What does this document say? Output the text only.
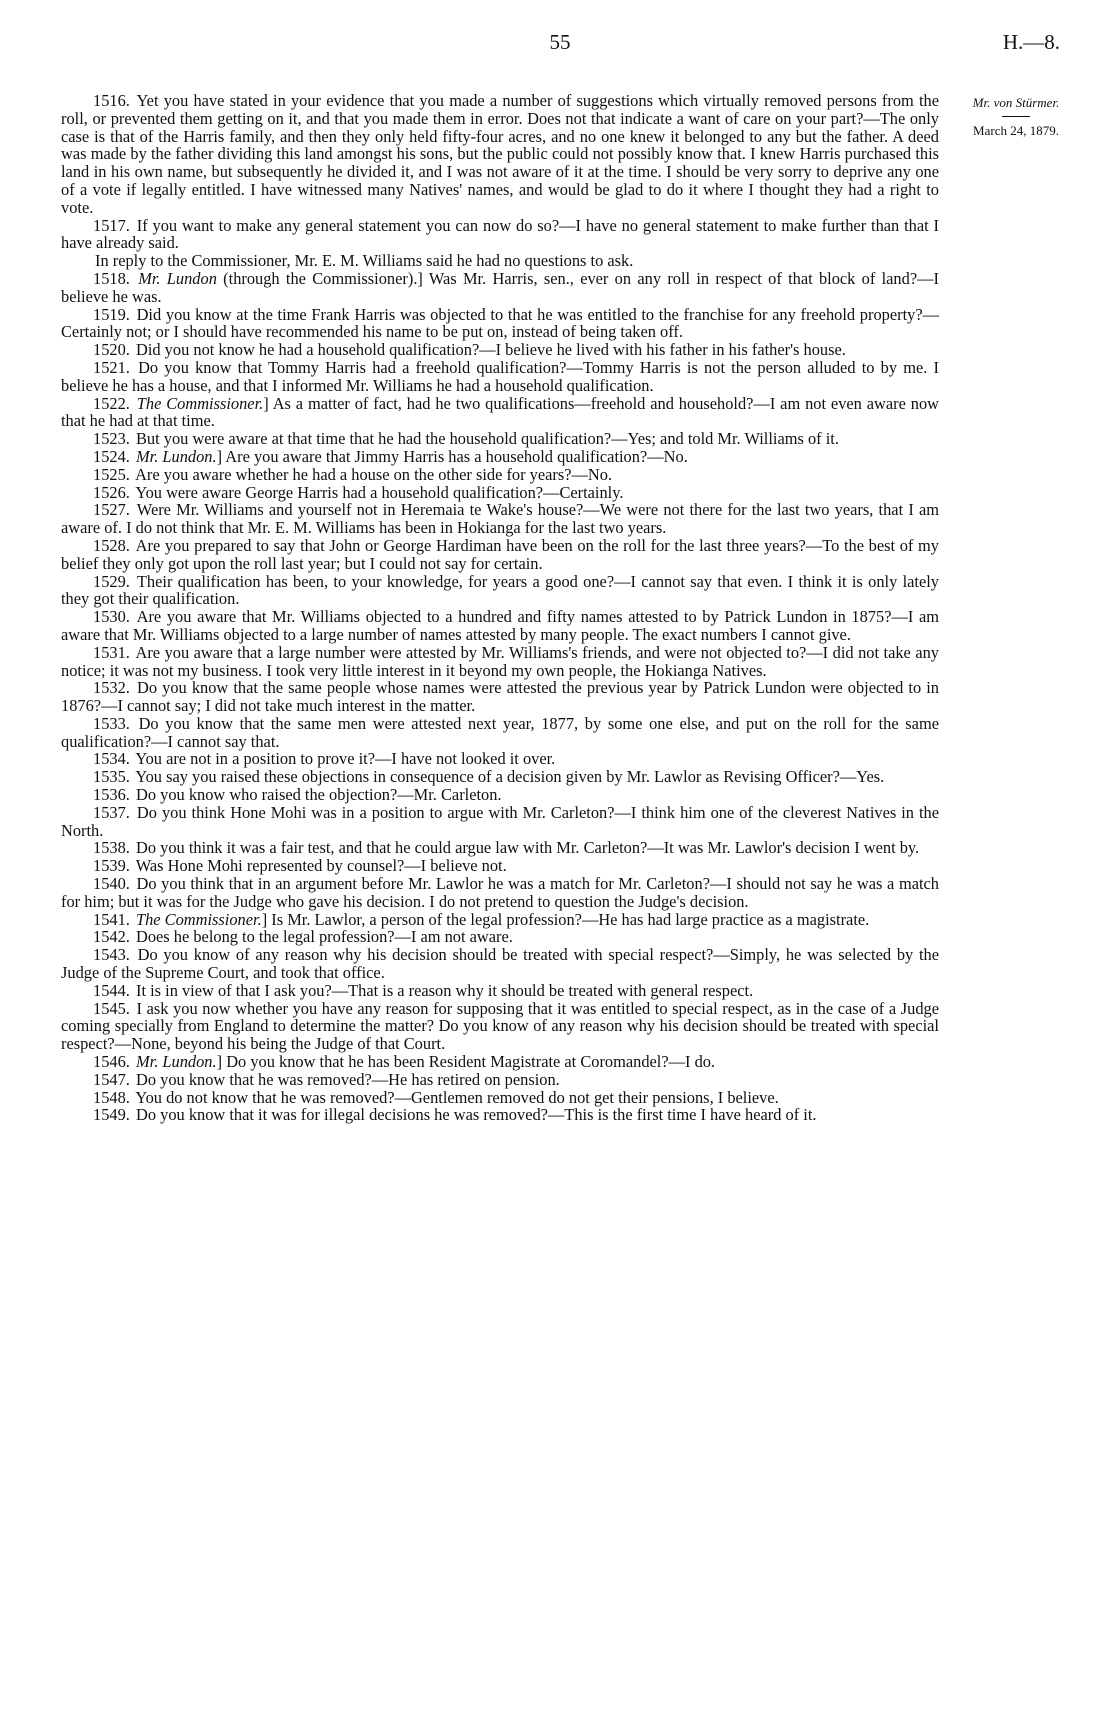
55	H.—8.
Mr. von Stürmer.
March 24, 1879.

1516. Yet you have stated in your evidence that you made a number of suggestions which virtually removed persons from the roll, or prevented them getting on it, and that you made them in error. Does not that indicate a want of care on your part?—The only case is that of the Harris family, and then they only held fifty-four acres, and no one knew it belonged to any but the father. A deed was made by the father dividing this land amongst his sons, but the public could not possibly know that. I knew Harris purchased this land in his own name, but subsequently he divided it, and I was not aware of it at the time. I should be very sorry to deprive any one of a vote if legally entitled. I have witnessed many Natives' names, and would be glad to do it where I thought they had a right to vote.

1517. If you want to make any general statement you can now do so?—I have no general statement to make further than that I have already said.

In reply to the Commissioner, Mr. E. M. Williams said he had no questions to ask.

1518. Mr. Lundon (through the Commissioner).] Was Mr. Harris, sen., ever on any roll in respect of that block of land?—I believe he was.

1519. Did you know at the time Frank Harris was objected to that he was entitled to the franchise for any freehold property?—Certainly not; or I should have recommended his name to be put on, instead of being taken off.

1520. Did you not know he had a household qualification?—I believe he lived with his father in his father's house.

1521. Do you know that Tommy Harris had a freehold qualification?—Tommy Harris is not the person alluded to by me. I believe he has a house, and that I informed Mr. Williams he had a household qualification.

1522. The Commissioner.] As a matter of fact, had he two qualifications—freehold and household?—I am not even aware now that he had at that time.

1523. But you were aware at that time that he had the household qualification?—Yes; and told Mr. Williams of it.

1524. Mr. Lundon.] Are you aware that Jimmy Harris has a household qualification?—No.

1525. Are you aware whether he had a house on the other side for years?—No.

1526. You were aware George Harris had a household qualification?—Certainly.

1527. Were Mr. Williams and yourself not in Heremaia te Wake's house?—We were not there for the last two years, that I am aware of. I do not think that Mr. E. M. Williams has been in Hokianga for the last two years.

1528. Are you prepared to say that John or George Hardiman have been on the roll for the last three years?—To the best of my belief they only got upon the roll last year; but I could not say for certain.

1529. Their qualification has been, to your knowledge, for years a good one?—I cannot say that even. I think it is only lately they got their qualification.

1530. Are you aware that Mr. Williams objected to a hundred and fifty names attested to by Patrick Lundon in 1875?—I am aware that Mr. Williams objected to a large number of names attested by many people. The exact numbers I cannot give.

1531. Are you aware that a large number were attested by Mr. Williams's friends, and were not objected to?—I did not take any notice; it was not my business. I took very little interest in it beyond my own people, the Hokianga Natives.

1532. Do you know that the same people whose names were attested the previous year by Patrick Lundon were objected to in 1876?—I cannot say; I did not take much interest in the matter.

1533. Do you know that the same men were attested next year, 1877, by some one else, and put on the roll for the same qualification?—I cannot say that.

1534. You are not in a position to prove it?—I have not looked it over.

1535. You say you raised these objections in consequence of a decision given by Mr. Lawlor as Revising Officer?—Yes.

1536. Do you know who raised the objection?—Mr. Carleton.

1537. Do you think Hone Mohi was in a position to argue with Mr. Carleton?—I think him one of the cleverest Natives in the North.

1538. Do you think it was a fair test, and that he could argue law with Mr. Carleton?—It was Mr. Lawlor's decision I went by.

1539. Was Hone Mohi represented by counsel?—I believe not.

1540. Do you think that in an argument before Mr. Lawlor he was a match for Mr. Carleton?—I should not say he was a match for him; but it was for the Judge who gave his decision. I do not pretend to question the Judge's decision.

1541. The Commissioner.] Is Mr. Lawlor, a person of the legal profession?—He has had large practice as a magistrate.

1542. Does he belong to the legal profession?—I am not aware.

1543. Do you know of any reason why his decision should be treated with special respect?—Simply, he was selected by the Judge of the Supreme Court, and took that office.

1544. It is in view of that I ask you?—That is a reason why it should be treated with general respect.

1545. I ask you now whether you have any reason for supposing that it was entitled to special respect, as in the case of a Judge coming specially from England to determine the matter? Do you know of any reason why his decision should be treated with special respect?—None, beyond his being the Judge of that Court.

1546. Mr. Lundon.] Do you know that he has been Resident Magistrate at Coromandel?—I do.

1547. Do you know that he was removed?—He has retired on pension.

1548. You do not know that he was removed?—Gentlemen removed do not get their pensions, I believe.

1549. Do you know that it was for illegal decisions he was removed?—This is the first time I have heard of it.
